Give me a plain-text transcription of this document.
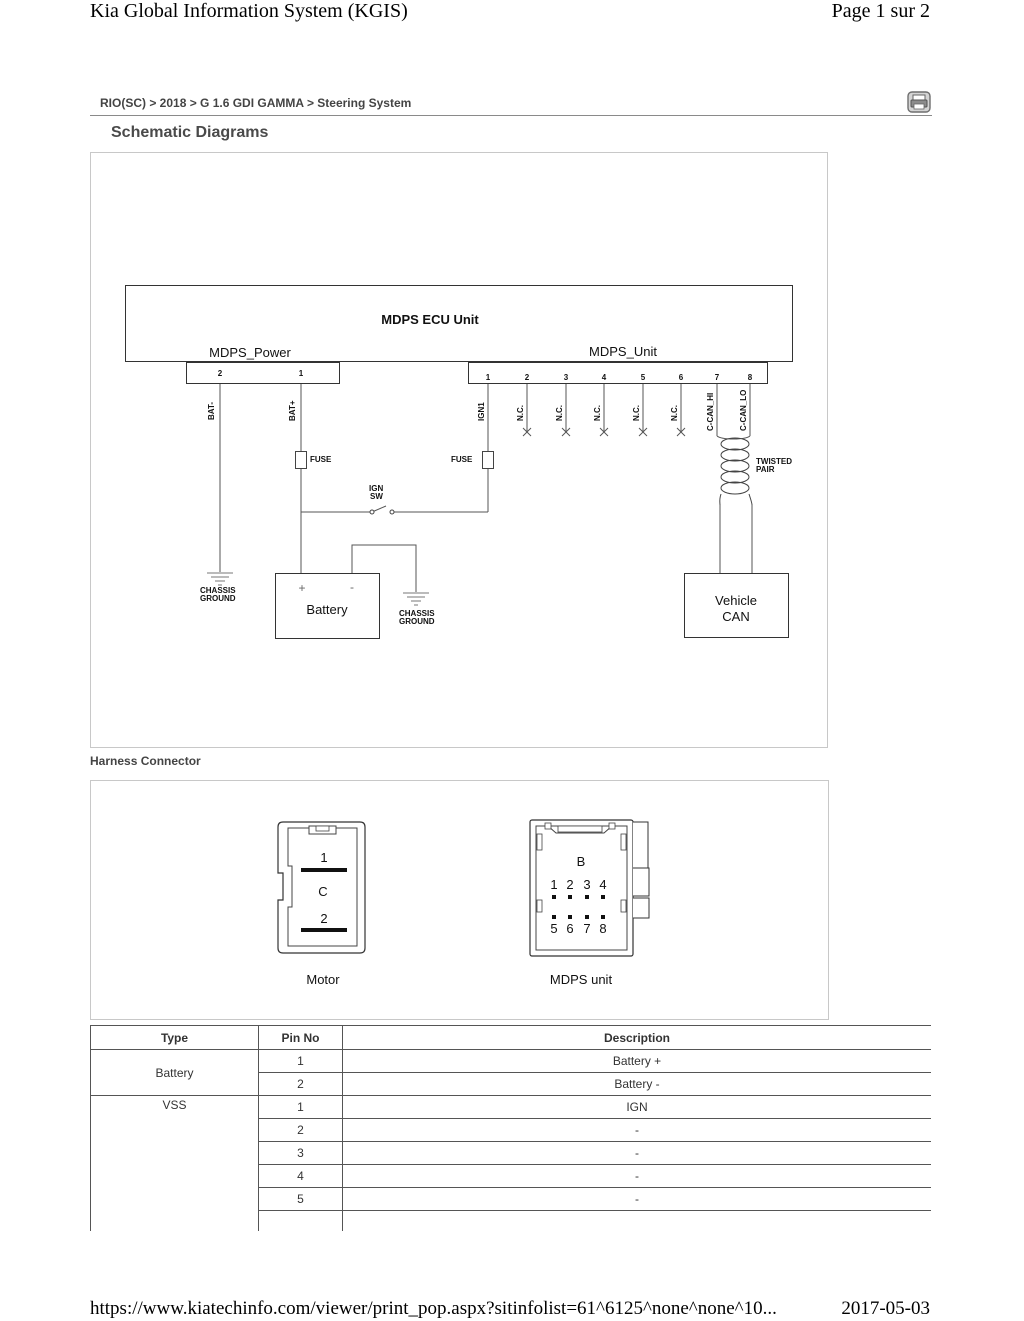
Kia Global Information System (KGIS)	Page 1 sur 2
RIO(SC) > 2018 > G 1.6 GDI GAMMA > Steering System
Schematic Diagrams
MDPS ECU Unit
MDPS_Power	MDPS_Unit
2	1	1	2	3	4	5	6	7	8
BAT-	BAT+	IGN1	N.C.	N.C.	N.C.	N.C.	N.C.	C-CAN_HI	C-CAN_LO
FUSE	FUSE
IGN
SW
TWISTED
PAIR
CHASSIS
GROUND
CHASSIS
GROUND
+	-
Battery
Vehicle
CAN
Harness Connector
1
C
2
Motor
B
1 2 3 4
5 6 7 8
MDPS unit
Type	Pin No	Description
Battery	1	Battery +
	2	Battery -
VSS	1	IGN
	2	-
	3	-
	4	-
	5	-

https://www.kiatechinfo.com/viewer/print_pop.aspx?sitinfolist=61^6125^none^none^10...	2017-05-03
